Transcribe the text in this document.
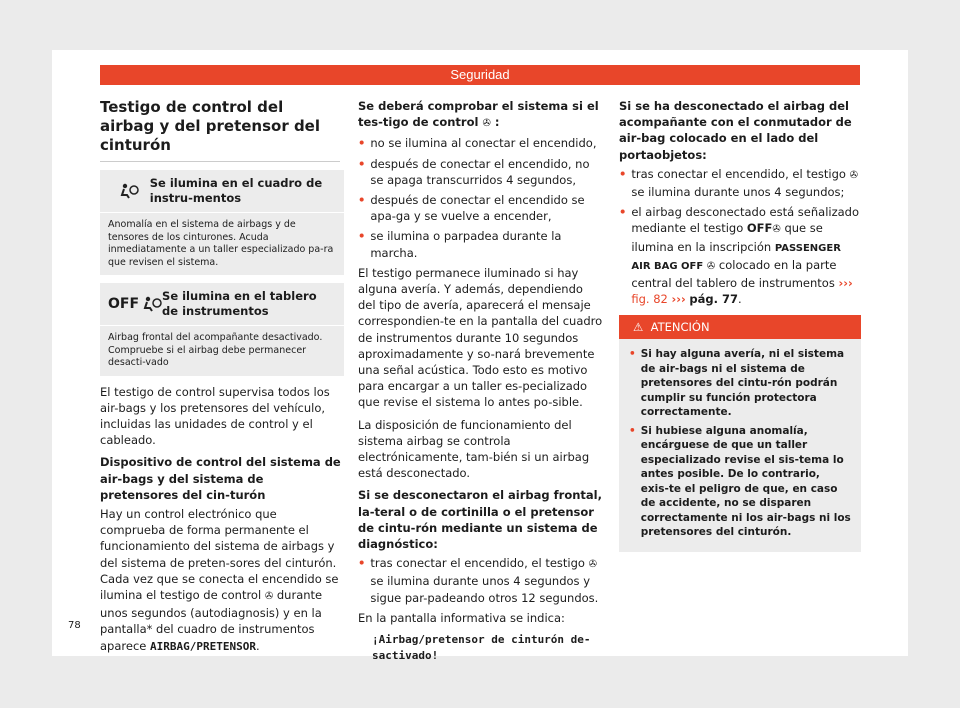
Seguridad
Testigo de control del airbag y del pretensor del cinturón
Se ilumina en el cuadro de instru-mentos
Anomalía en el sistema de airbags y de tensores de los cinturones. Acuda inmediatamente a un taller especializado pa-ra que revisen el sistema.
OFF Se ilumina en el tablero de instrumentos
Airbag frontal del acompañante desactivado. Compruebe si el airbag debe permanecer desacti-vado

El testigo de control supervisa todos los air-bags y los pretensores del vehículo, incluidas las unidades de control y el cableado.

Dispositivo de control del sistema de air-bags y del sistema de pretensores del cin-turón

Hay un control electrónico que comprueba de forma permanente el funcionamiento del sistema de airbags y del sistema de preten-sores del cinturón. Cada vez que se conecta el encendido se ilumina el testigo de control ✇ durante unos segundos (autodiagnosis) y en la pantalla* del cuadro de instrumentos aparece AIRBAG/PRETENSOR.

Se deberá comprobar el sistema si el tes-tigo de control ✇ :

• no se ilumina al conectar el encendido,
• después de conectar el encendido, no se apaga transcurridos 4 segundos,
• después de conectar el encendido se apa-ga y se vuelve a encender,
• se ilumina o parpadea durante la marcha.

El testigo permanece iluminado si hay alguna avería. Y además, dependiendo del tipo de avería, aparecerá el mensaje correspondien-te en la pantalla del cuadro de instrumentos durante 10 segundos aproximadamente y so-nará brevemente una señal acústica. Todo esto es motivo para encargar a un taller es-pecializado que revise el sistema lo antes po-sible.

La disposición de funcionamiento del sistema airbag se controla electrónicamente, tam-bién si un airbag está desconectado.

Si se desconectaron el airbag frontal, la-teral o de cortinilla o el pretensor de cintu-rón mediante un sistema de diagnóstico:

• tras conectar el encendido, el testigo ✇ se ilumina durante unos 4 segundos y sigue par-padeando otros 12 segundos.

En la pantalla informativa se indica:

¡Airbag/pretensor de cinturón de-sactivado!

Si se ha desconectado el airbag del acompañante con el conmutador de air-bag colocado en el lado del portaobjetos:

• tras conectar el encendido, el testigo ✇ se ilumina durante unos 4 segundos;
• el airbag desconectado está señalizado mediante el testigo OFF✇ que se ilumina en la inscripción PASSENGER AIR BAG OFF ✇ colocado en la parte central del tablero de instrumentos ››› fig. 82 ››› pág. 77.
⚠ ATENCIÓN
• Si hay alguna avería, ni el sistema de air-bags ni el sistema de pretensores del cintu-rón podrán cumplir su función protectora correctamente.
• Si hubiese alguna anomalía, encárguese de que un taller especializado revise el sis-tema lo antes posible. De lo contrario, exis-te el peligro de que, en caso de accidente, no se disparen correctamente ni los air-bags ni los pretensores del cinturón.
78
